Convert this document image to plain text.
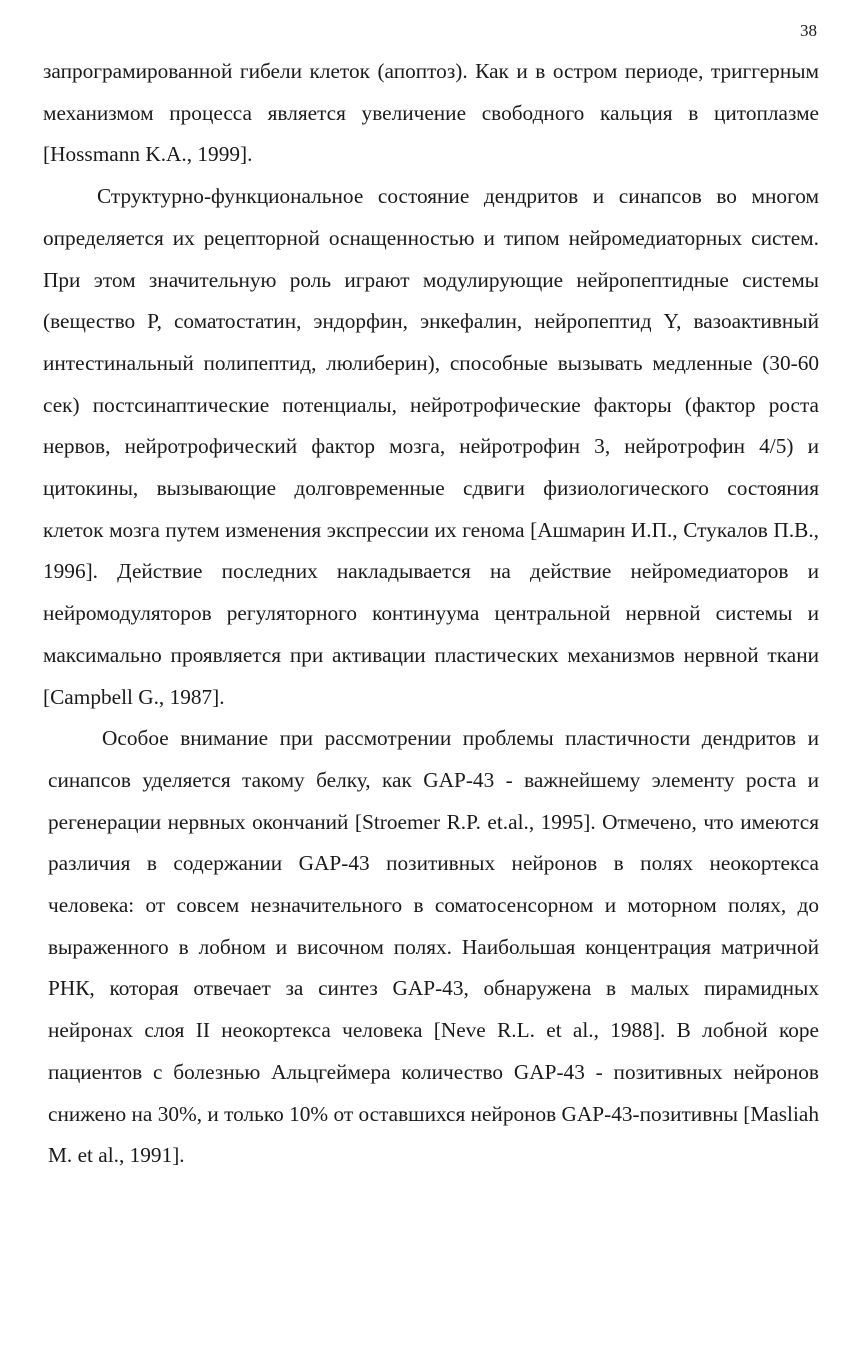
38

запрограмированной гибели клеток (апоптоз). Как и в остром периоде, триггерным механизмом процесса является увеличение свободного кальция в цитоплазме [Hossmann K.A., 1999].

Структурно-функциональное состояние дендритов и синапсов во многом определяется их рецепторной оснащенностью и типом нейромедиаторных систем. При этом значительную роль играют модулирующие нейропептидные системы (вещество P, соматостатин, эндорфин, энкефалин, нейропептид Y, вазоактивный интестинальный полипептид, люлиберин), способные вызывать медленные (30-60 сек) постсинаптические потенциалы, нейротрофические факторы (фактор роста нервов, нейротрофический фактор мозга, нейротрофин 3, нейротрофин 4/5) и цитокины, вызывающие долговременные сдвиги физиологического состояния клеток мозга путем изменения экспрессии их генома [Ашмарин И.П., Стукалов П.В., 1996]. Действие последних накладывается на действие нейромедиаторов и нейромодуляторов регуляторного континуума центральной нервной системы и максимально проявляется при активации пластических механизмов нервной ткани [Campbell G., 1987].

Особое внимание при рассмотрении проблемы пластичности дендритов и синапсов уделяется такому белку, как GAP-43 - важнейшему элементу роста и регенерации нервных окончаний [Stroemer R.P. et.al., 1995]. Отмечено, что имеются различия в содержании GAP-43 позитивных нейронов в полях неокортекса человека: от совсем незначительного в соматосенсорном и моторном полях, до выраженного в лобном и височном полях. Наибольшая концентрация матричной РНК, которая отвечает за синтез GAP-43, обнаружена в малых пирамидных нейронах слоя II неокортекса человека [Neve R.L. et al., 1988]. В лобной коре пациентов с болезнью Альцгеймера количество GAP-43 - позитивных нейронов снижено на 30%, и только 10% от оставшихся нейронов GAP-43-позитивны [Masliah M. et al., 1991].
